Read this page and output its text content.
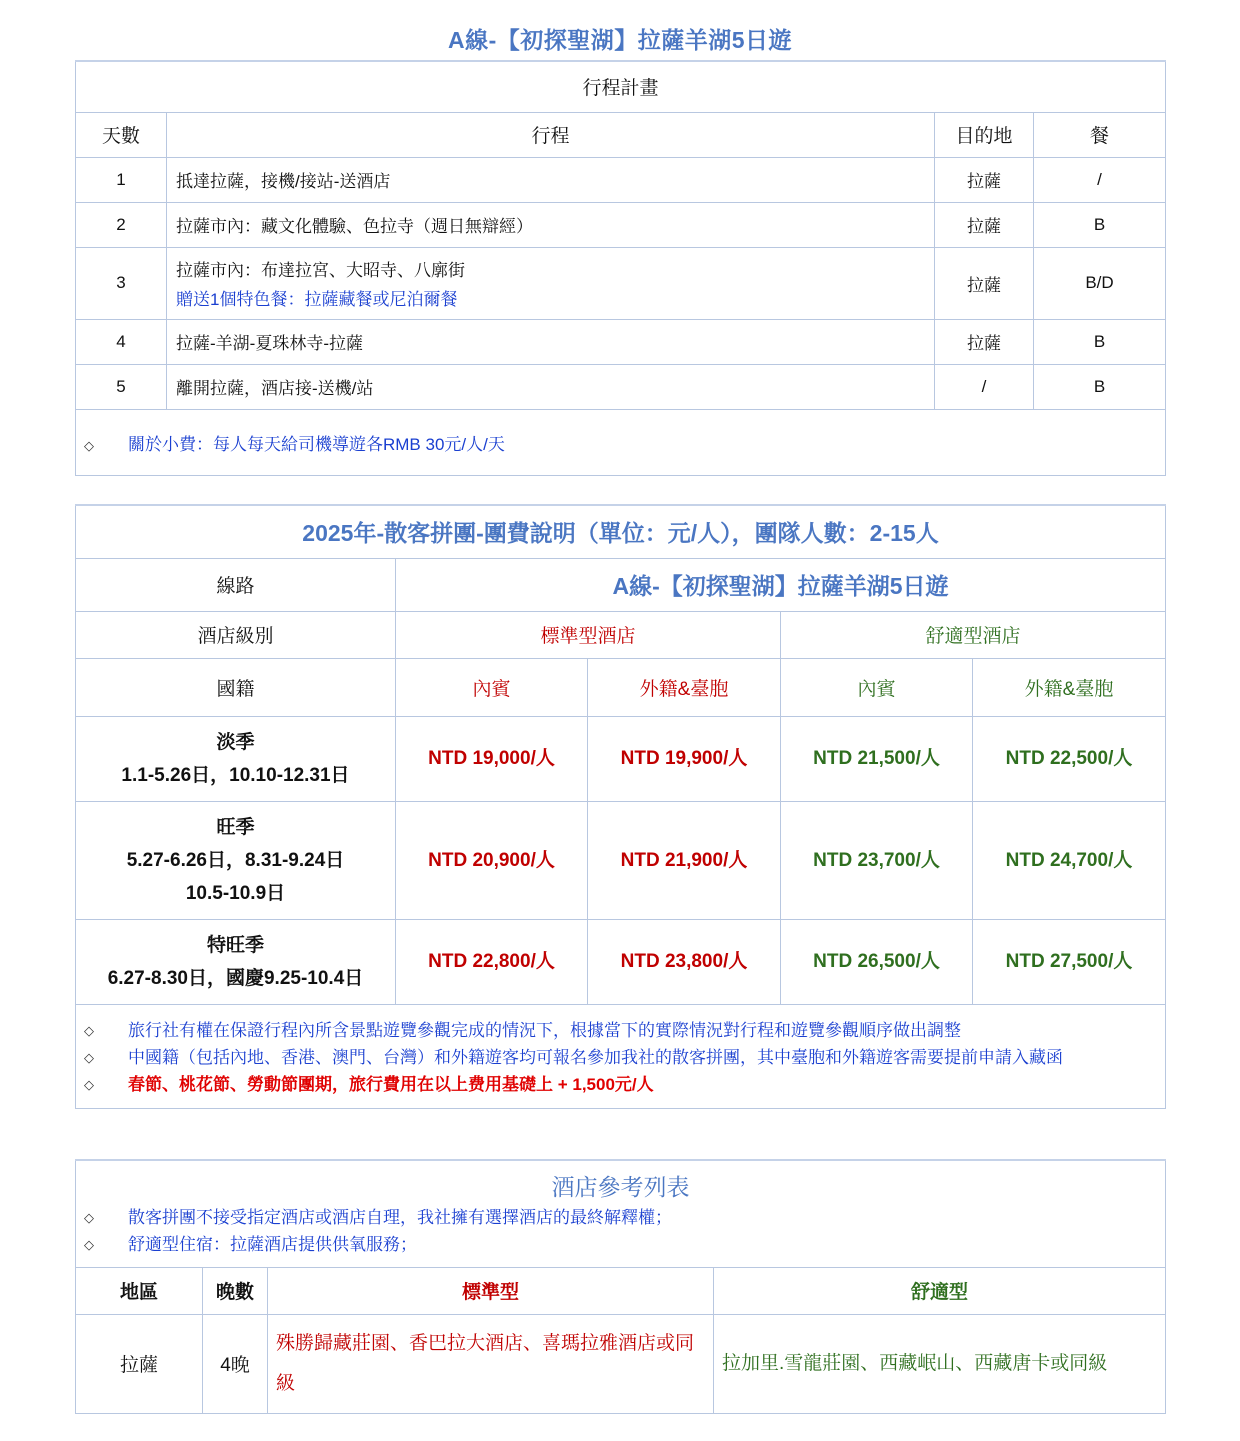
A線-【初探聖湖】拉薩羊湖5日遊
行程計畫			
天數	行程	目的地	餐
1	抵達拉薩，接機/接站-送酒店	拉薩	/
2	拉薩市內：藏文化體驗、色拉寺（週日無辯經）	拉薩	B
3	拉薩市內：布達拉宮、大昭寺、八廓街
贈送1個特色餐：拉薩藏餐或尼泊爾餐	拉薩	B/D
4	拉薩-羊湖-夏珠林寺-拉薩	拉薩	B
5	離開拉薩，酒店接-送機/站	/	B
◇ 關於小費：每人每天給司機導遊各RMB 30元/人/天			
2025年-散客拼團-團費說明（單位：元/人），團隊人數：2-15人				
線路	A線-【初探聖湖】拉薩羊湖5日遊			
酒店級別	標準型酒店		舒適型酒店	
國籍	內賓	外籍&臺胞	內賓	外籍&臺胞

淡季
1.1-5.26日，10.10-12.31日	NTD 19,000/人	NTD 19,900/人	NTD 21,500/人	NTD 22,500/人

旺季
5.27-6.26日，8.31-9.24日
10.5-10.9日	NTD 20,900/人	NTD 21,900/人	NTD 23,700/人	NTD 24,700/人

特旺季
6.27-8.30日，國慶9.25-10.4日	NTD 22,800/人	NTD 23,800/人	NTD 26,500/人	NTD 27,500/人

◇	旅行社有權在保證行程內所含景點遊覽參觀完成的情況下，根據當下的實際情況對行程和遊覽參觀順序做出調整
◇	中國籍（包括內地、香港、澳門、台灣）和外籍遊客均可報名參加我社的散客拼團，其中臺胞和外籍遊客需要提前申請入藏函
◇	春節、桃花節、勞動節團期，旅行費用在以上费用基礎上 + 1,500元/人
酒店參考列表
◇ 散客拼團不接受指定酒店或酒店自理，我社擁有選擇酒店的最終解釋權；
◇ 舒適型住宿：拉薩酒店提供供氧服務；			

地區	晚數	標準型	舒適型
拉薩	4晚	殊勝歸藏莊園、香巴拉大酒店、喜瑪拉雅酒店或同級	拉加里.雪龍莊園、西藏岷山、西藏唐卡或同級
